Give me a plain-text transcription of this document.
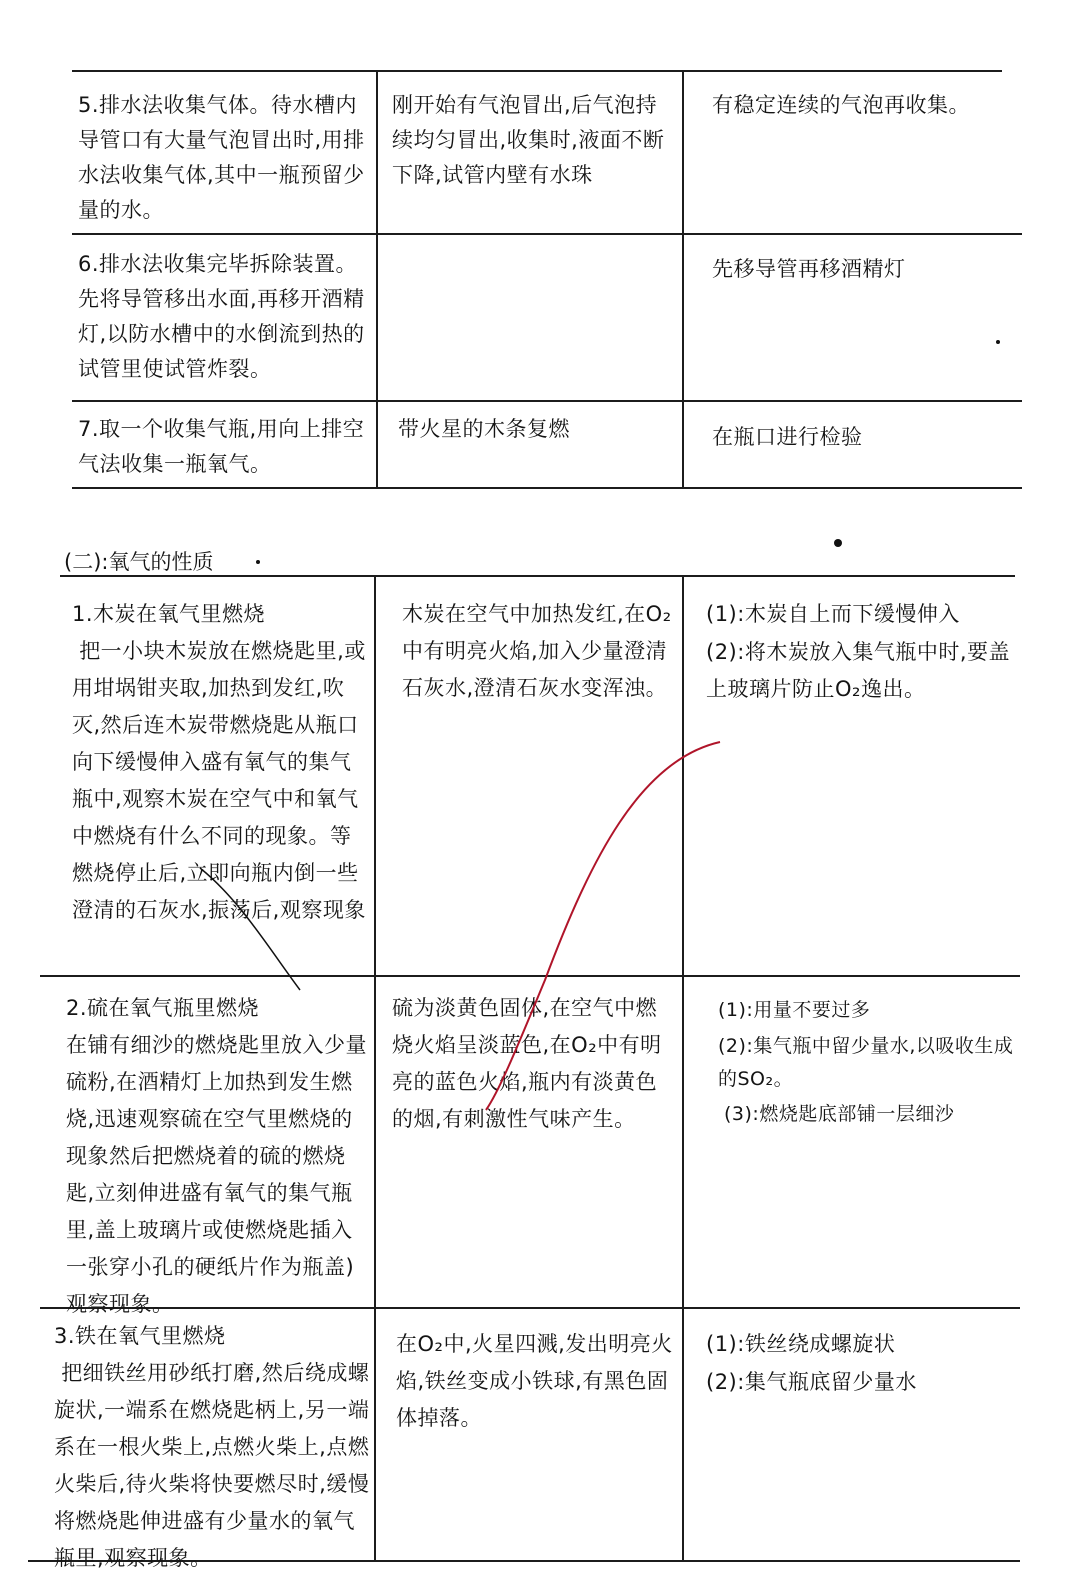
5.排水法收集气体。待水槽内导管口有大量气泡冒出时,用排水法收集气体,其中一瓶预留少量的水。
刚开始有气泡冒出,后气泡持续均匀冒出,收集时,液面不断下降,试管内壁有水珠
有稳定连续的气泡再收集。
6.排水法收集完毕拆除装置。先将导管移出水面,再移开酒精灯,以防水槽中的水倒流到热的试管里使试管炸裂。
先移导管再移酒精灯
7.取一个收集气瓶,用向上排空气法收集一瓶氧气。
带火星的木条复燃	在瓶口进行检验
(二):氧气的性质
1.木炭在氧气里燃烧
把一小块木炭放在燃烧匙里,或用坩埚钳夹取,加热到发红,吹灭,然后连木炭带燃烧匙从瓶口向下缓慢伸入盛有氧气的集气瓶中,观察木炭在空气中和氧气中燃烧有什么不同的现象。等燃烧停止后,立即向瓶内倒一些澄清的石灰水,振荡后,观察现象
木炭在空气中加热发红,在O₂中有明亮火焰,加入少量澄清石灰水,澄清石灰水变浑浊。
(1):木炭自上而下缓慢伸入
(2):将木炭放入集气瓶中时,要盖上玻璃片防止O₂逸出。
2.硫在氧气瓶里燃烧
在铺有细沙的燃烧匙里放入少量硫粉,在酒精灯上加热到发生燃烧,迅速观察硫在空气里燃烧的现象然后把燃烧着的硫的燃烧匙,立刻伸进盛有氧气的集气瓶里,盖上玻璃片或使燃烧匙插入一张穿小孔的硬纸片作为瓶盖)观察现象。
硫为淡黄色固体,在空气中燃烧火焰呈淡蓝色,在O₂中有明亮的蓝色火焰,瓶内有淡黄色的烟,有刺激性气味产生。
(1):用量不要过多
(2):集气瓶中留少量水,以吸收生成的SO₂。
(3):燃烧匙底部铺一层细沙
3.铁在氧气里燃烧
把细铁丝用砂纸打磨,然后绕成螺旋状,一端系在燃烧匙柄上,另一端系在一根火柴上,点燃火柴上,点燃火柴后,待火柴将快要燃尽时,缓慢将燃烧匙伸进盛有少量水的氧气瓶里,观察现象。
在O₂中,火星四溅,发出明亮火焰,铁丝变成小铁球,有黑色固体掉落。
(1):铁丝绕成螺旋状
(2):集气瓶底留少量水
